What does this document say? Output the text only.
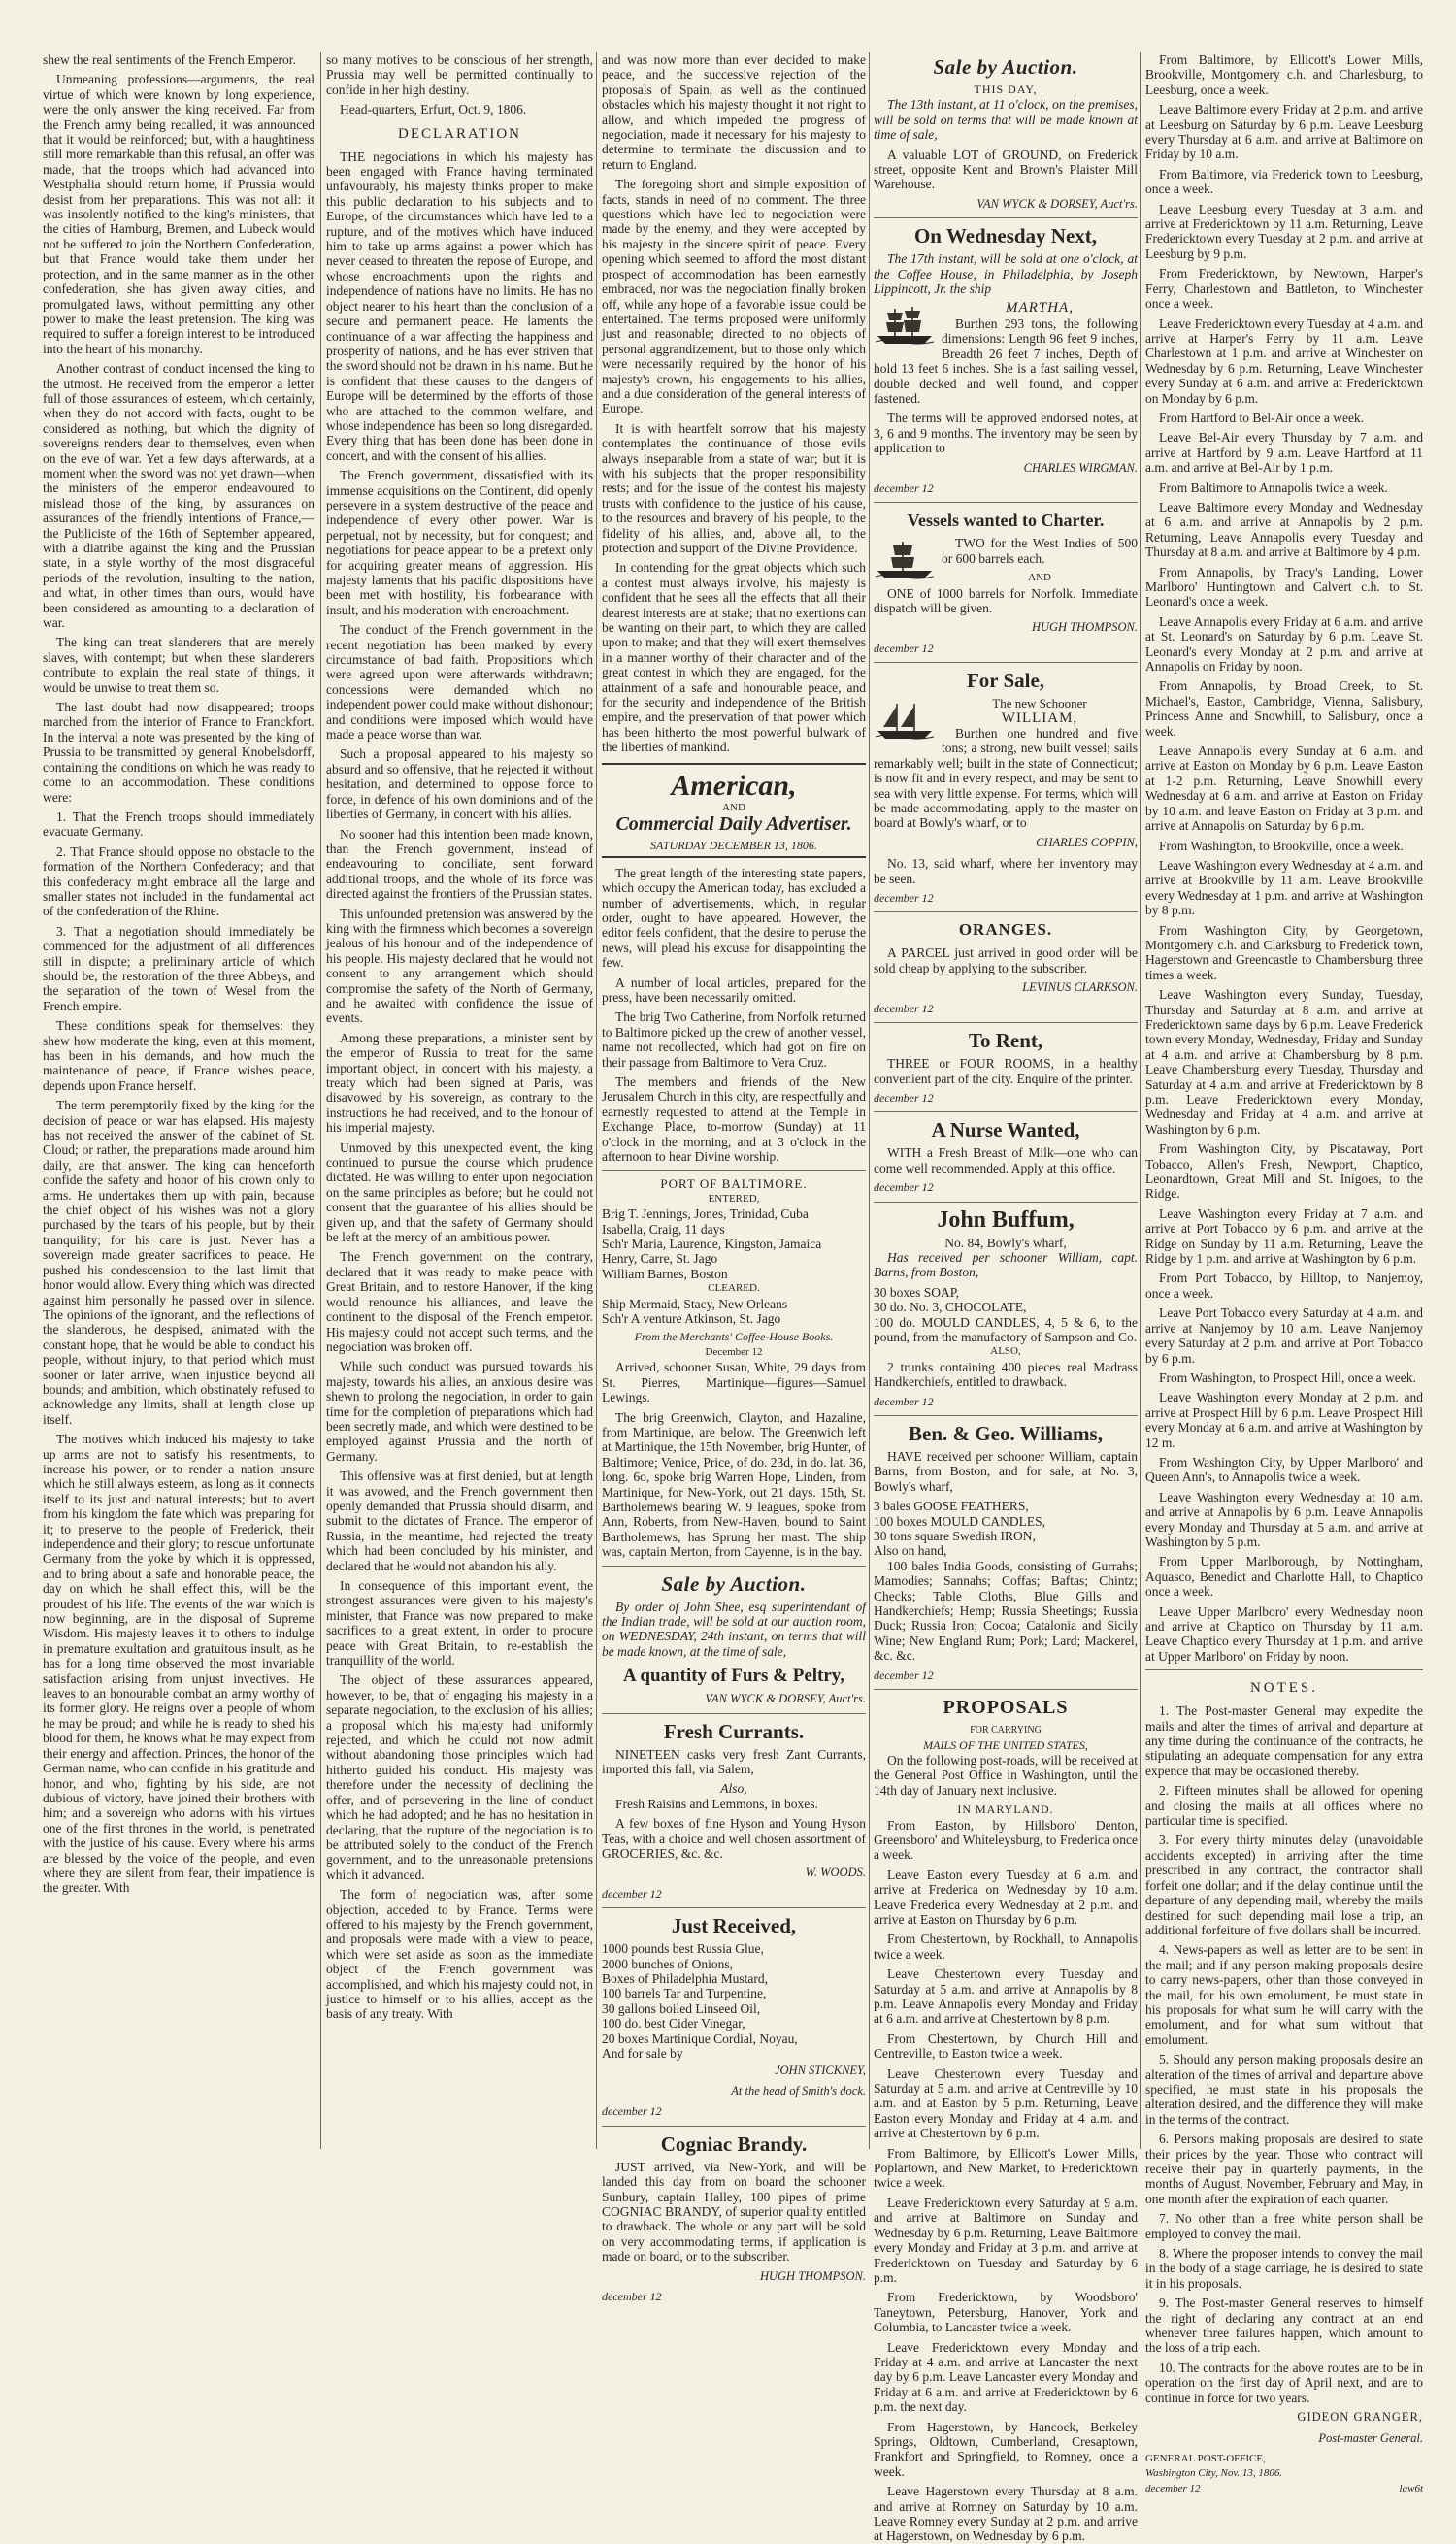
shew the real sentiments of the French Emperor.

Unmeaning professions—arguments, the real virtue of which were known by long experience, were the only answer the king received. Far from the French army being recalled, it was announced that it would be reinforced; but, with a haughtiness still more remarkable than this refusal, an offer was made, that the troops which had advanced into Westphalia should return home, if Prussia would desist from her preparations. This was not all: it was insolently notified to the king's ministers, that the cities of Hamburg, Bremen, and Lubeck would not be suffered to join the Northern Confederation, but that France would take them under her protection, and in the same manner as in the other confederation, she has given away cities, and promulgated laws, without permitting any other power to make the least pretension. The king was required to suffer a foreign interest to be introduced into the heart of his monarchy.

Another contrast of conduct incensed the king to the utmost. He received from the emperor a letter full of those assurances of esteem, which certainly, when they do not accord with facts, ought to be considered as nothing, but which the dignity of sovereigns renders dear to themselves, even when on the eve of war. Yet a few days afterwards, at a moment when the sword was not yet drawn—when the ministers of the emperor endeavoured to mislead those of the king, by assurances on assurances of the friendly intentions of France,—the Publiciste of the 16th of September appeared, with a diatribe against the king and the Prussian state, in a style worthy of the most disgraceful periods of the revolution, insulting to the nation, and what, in other times than ours, would have been considered as amounting to a declaration of war.

The king can treat slanderers that are merely slaves, with contempt; but when these slanderers contribute to explain the real state of things, it would be unwise to treat them so.

The last doubt had now disappeared; troops marched from the interior of France to Franckfort. In the interval a note was presented by the king of Prussia to be transmitted by general Knobelsdorff, containing the conditions on which he was ready to come to an accommodation. These conditions were:

1. That the French troops should immediately evacuate Germany.

2. That France should oppose no obstacle to the formation of the Northern Confederacy; and that this confederacy might embrace all the large and smaller states not included in the fundamental act of the confederation of the Rhine.

3. That a negotiation should immediately be commenced for the adjustment of all differences still in dispute; a preliminary article of which should be, the restoration of the three Abbeys, and the separation of the town of Wesel from the French empire.

These conditions speak for themselves: they shew how moderate the king, even at this moment, has been in his demands, and how much the maintenance of peace, if France wishes peace, depends upon France herself.

The term peremptorily fixed by the king for the decision of peace or war has elapsed. His majesty has not received the answer of the cabinet of St. Cloud; or rather, the preparations made around him daily, are that answer. The king can henceforth confide the safety and honor of his crown only to arms. He undertakes them up with pain, because the chief object of his wishes was not a glory purchased by the tears of his people, but by their tranquility; for his care is just. Never has a sovereign made greater sacrifices to peace. He pushed his condescension to the last limit that honor would allow. Every thing which was directed against him personally he passed over in silence. The opinions of the ignorant, and the reflections of the slanderous, he despised, animated with the constant hope, that he would be able to conduct his people, without injury, to that period which must sooner or later arrive, when injustice beyond all bounds; and ambition, which obstinately refused to acknowledge any limits, shall at length close up itself.

The motives which induced his majesty to take up arms are not to satisfy his resentments, to increase his power, or to render a nation unsure which he still always esteem, as long as it connects itself to its just and natural interests; but to avert from his kingdom the fate which was preparing for it; to preserve to the people of Frederick, their independence and their glory; to rescue unfortunate Germany from the yoke by which it is oppressed, and to bring about a safe and honorable peace, the day on which he shall effect this, will be the proudest of his life. The events of the war which is now beginning, are in the disposal of Supreme Wisdom. His majesty leaves it to others to indulge in premature exultation and gratuitous insult, as he has for a long time observed the most invariable satisfaction arising from unjust invectives. He leaves to an honourable combat an army worthy of its former glory. He reigns over a people of whom he may be proud; and while he is ready to shed his blood for them, he knows what he may expect from their energy and affection. Princes, the honor of the German name, who can confide in his gratitude and honor, and who, fighting by his side, are not dubious of victory, have joined their brothers with him; and a sovereign who adorns with his virtues one of the first thrones in the world, is penetrated with the justice of his cause. Every where his arms are blessed by the voice of the people, and even where they are silent from fear, their impatience is the greater. With

so many motives to be conscious of her strength, Prussia may well be permitted continually to confide in her high destiny.

Head-quarters, Erfurt, Oct. 9, 1806.

DECLARATION

THE negociations in which his majesty has been engaged with France having terminated unfavourably, his majesty thinks proper to make this public declaration to his subjects and to Europe, of the circumstances which have led to a rupture, and of the motives which have induced him to take up arms against a power which has never ceased to threaten the repose of Europe, and whose encroachments upon the rights and independence of nations have no limits. He has no object nearer to his heart than the conclusion of a secure and permanent peace. He laments the continuance of a war affecting the happiness and prosperity of nations, and he has ever striven that the sword should not be drawn in his name. But he is confident that these causes to the dangers of Europe will be determined by the efforts of those who are attached to the common welfare, and whose independence has been so long disregarded. Every thing that has been done has been done in concert, and with the consent of his allies.

The French government, dissatisfied with its immense acquisitions on the Continent, did openly persevere in a system destructive of the peace and independence of every other power. War is perpetual, not by necessity, but for conquest; and negotiations for peace appear to be a pretext only for acquiring greater means of aggression. His majesty laments that his pacific dispositions have been met with hostility, his forbearance with insult, and his moderation with encroachment.

The conduct of the French government in the recent negotiation has been marked by every circumstance of bad faith. Propositions which were agreed upon were afterwards withdrawn; concessions were demanded which no independent power could make without dishonour; and conditions were imposed which would have made a peace worse than war.

Such a proposal appeared to his majesty so absurd and so offensive, that he rejected it without hesitation, and determined to oppose force to force, in defence of his own dominions and of the liberties of Germany, in concert with his allies.

No sooner had this intention been made known, than the French government, instead of endeavouring to conciliate, sent forward additional troops, and the whole of its force was directed against the frontiers of the Prussian states.

This unfounded pretension was answered by the king with the firmness which becomes a sovereign jealous of his honour and of the independence of his people. His majesty declared that he would not consent to any arrangement which should compromise the safety of the North of Germany, and he awaited with confidence the issue of events.

Among these preparations, a minister sent by the emperor of Russia to treat for the same important object, in concert with his majesty, a treaty which had been signed at Paris, was disavowed by his sovereign, as contrary to the instructions he had received, and to the honour of his imperial majesty.

Unmoved by this unexpected event, the king continued to pursue the course which prudence dictated. He was willing to enter upon negociation on the same principles as before; but he could not consent that the guarantee of his allies should be given up, and that the safety of Germany should be left at the mercy of an ambitious power.

The French government on the contrary, declared that it was ready to make peace with Great Britain, and to restore Hanover, if the king would renounce his alliances, and leave the continent to the disposal of the French emperor. His majesty could not accept such terms, and the negociation was broken off.

While such conduct was pursued towards his majesty, towards his allies, an anxious desire was shewn to prolong the negociation, in order to gain time for the completion of preparations which had been secretly made, and which were destined to be employed against Prussia and the north of Germany.

This offensive was at first denied, but at length it was avowed, and the French government then openly demanded that Prussia should disarm, and submit to the dictates of France. The emperor of Russia, in the meantime, had rejected the treaty which had been concluded by his minister, and declared that he would not abandon his ally.

In consequence of this important event, the strongest assurances were given to his majesty's minister, that France was now prepared to make sacrifices to a great extent, in order to procure peace with Great Britain, to re-establish the tranquillity of the world.

The object of these assurances appeared, however, to be, that of engaging his majesty in a separate negociation, to the exclusion of his allies; a proposal which his majesty had uniformly rejected, and which he could not now admit without abandoning those principles which had hitherto guided his conduct. His majesty was therefore under the necessity of declining the offer, and of persevering in the line of conduct which he had adopted; and he has no hesitation in declaring, that the rupture of the negociation is to be attributed solely to the conduct of the French government, and to the unreasonable pretensions which it advanced.

The form of negociation was, after some objection, acceded to by France. Terms were offered to his majesty by the French government, and proposals were made with a view to peace, which were set aside as soon as the immediate object of the French government was accomplished, and which his majesty could not, in justice to himself or to his allies, accept as the basis of any treaty. With

and was now more than ever decided to make peace, and the successive rejection of the proposals of Spain, as well as the continued obstacles which his majesty thought it not right to allow, and which impeded the progress of negociation, made it necessary for his majesty to determine to terminate the discussion and to return to England.

The foregoing short and simple exposition of facts, stands in need of no comment. The three questions which have led to negociation were made by the enemy, and they were accepted by his majesty in the sincere spirit of peace. Every opening which seemed to afford the most distant prospect of accommodation has been earnestly embraced, nor was the negociation finally broken off, while any hope of a favorable issue could be entertained. The terms proposed were uniformly just and reasonable; directed to no objects of personal aggrandizement, but to those only which were necessarily required by the honor of his majesty's crown, his engagements to his allies, and a due consideration of the general interests of Europe.

It is with heartfelt sorrow that his majesty contemplates the continuance of those evils always inseparable from a state of war; but it is with his subjects that the proper responsibility rests; and for the issue of the contest his majesty trusts with confidence to the justice of his cause, to the resources and bravery of his people, to the fidelity of his allies, and, above all, to the protection and support of the Divine Providence.

In contending for the great objects which such a contest must always involve, his majesty is confident that he sees all the effects that all their dearest interests are at stake; that no exertions can be wanting on their part, to which they are called upon to make; and that they will exert themselves in a manner worthy of their character and of the great contest in which they are engaged, for the attainment of a safe and honourable peace, and for the security and independence of the British empire, and the preservation of that power which has been hitherto the most powerful bulwark of the liberties of mankind.

American,
AND
Commercial Daily Advertiser.
SATURDAY DECEMBER 13, 1806.

The great length of the interesting state papers, which occupy the American today, has excluded a number of advertisements, which, in regular order, ought to have appeared. However, the editor feels confident, that the desire to peruse the news, will plead his excuse for disappointing the few.

A number of local articles, prepared for the press, have been necessarily omitted.

The brig Two Catherine, from Norfolk returned to Baltimore picked up the crew of another vessel, name not recollected, which had got on fire on their passage from Baltimore to Vera Cruz.

The members and friends of the New Jerusalem Church in this city, are respectfully and earnestly requested to attend at the Temple in Exchange Place, to-morrow (Sunday) at 11 o'clock in the morning, and at 3 o'clock in the afternoon to hear Divine worship.

PORT OF BALTIMORE.
ENTERED,
Brig T. Jennings, Jones, Trinidad, Cuba
Isabella, Craig, 11 days
Sch'r Maria, Laurence, Kingston, Jamaica
Henry, Carre, St. Jago
William Barnes, Boston
CLEARED.
Ship Mermaid, Stacy, New Orleans
Sch'r A venture Atkinson, St. Jago
From the Merchants' Coffee-House Books.
December 12

Arrived, schooner Susan, White, 29 days from St. Pierres, Martinique—figures—Samuel Lewings.

The brig Greenwich, Clayton, and Hazaline, from Martinique, are below. The Greenwich left at Martinique, the 15th November, brig Hunter, of Baltimore; Venice, Price, of do. 23d, in do. lat. 36, long. 6o, spoke brig Warren Hope, Linden, from Martinique, for New-York, out 21 days. 15th, St. Bartholemews bearing W. 9 leagues, spoke from Ann, Roberts, from New-Haven, bound to Saint Bartholemews, has Sprung her mast. The ship was, captain Merton, from Cayenne, is in the bay.

Sale by Auction.

By order of John Shee, esq superintendant of the Indian trade, will be sold at our auction room, on WEDNESDAY, 24th instant, on terms that will be made known, at the time of sale,

A quantity of Furs & Peltry,
VAN WYCK & DORSEY, Auct'rs.
Fresh Currants.

NINETEEN casks very fresh Zant Currants, imported this fall, via Salem,

Also,

Fresh Raisins and Lemmons, in boxes.

A few boxes of fine Hyson and Young Hyson Teas, with a choice and well chosen assortment of GROCERIES, &c. &c.

W. WOODS.
december 12
Just Received,
1000 pounds best Russia Glue,
2000 bunches of Onions,
Boxes of Philadelphia Mustard,
100 barrels Tar and Turpentine,
30 gallons boiled Linseed Oil,
100 do. best Cider Vinegar,
20 boxes Martinique Cordial, Noyau,
And for sale by
JOHN STICKNEY,
At the head of Smith's dock.
december 12
Cogniac Brandy.

JUST arrived, via New-York, and will be landed this day from on board the schooner Sunbury, captain Halley, 100 pipes of prime COGNIAC BRANDY, of superior quality entitled to drawback. The whole or any part will be sold on very accommodating terms, if application is made on board, or to the subscriber.

HUGH THOMPSON.
december 12
Sale by Auction.
THIS DAY,

The 13th instant, at 11 o'clock, on the premises, will be sold on terms that will be made known at time of sale,

A valuable LOT of GROUND, on Frederick street, opposite Kent and Brown's Plaister Mill Warehouse.

VAN WYCK & DORSEY, Auct'rs.
On Wednesday Next,

The 17th instant, will be sold at one o'clock, at the Coffee House, in Philadelphia, by Joseph Lippincott, Jr. the ship

MARTHA,

Burthen 293 tons, the following dimensions: Length 96 feet 9 inches, Breadth 26 feet 7 inches, Depth of hold 13 feet 6 inches. She is a fast sailing vessel, double decked and well found, and copper fastened.

The terms will be approved endorsed notes, at 3, 6 and 9 months. The inventory may be seen by application to

CHARLES WIRGMAN.
december 12
Vessels wanted to Charter.

TWO for the West Indies of 500 or 600 barrels each.

AND

ONE of 1000 barrels for Norfolk. Immediate dispatch will be given.

HUGH THOMPSON.
december 12
For Sale,
The new Schooner
WILLIAM,

Burthen one hundred and five tons; a strong, new built vessel; sails remarkably well; built in the state of Connecticut; is now fit and in every respect, and may be sent to sea with very little expense. For terms, which will be made accommodating, apply to the master on board at Bowly's wharf, or to

CHARLES COPPIN,

No. 13, said wharf, where her inventory may be seen.

december 12
ORANGES.

A PARCEL just arrived in good order will be sold cheap by applying to the subscriber.

LEVINUS CLARKSON.
december 12
To Rent,

THREE or FOUR ROOMS, in a healthy convenient part of the city. Enquire of the printer.

december 12
A Nurse Wanted,

WITH a Fresh Breast of Milk—one who can come well recommended. Apply at this office.

december 12
John Buffum,
No. 84, Bowly's wharf,

Has received per schooner William, capt. Barns, from Boston,

30 boxes SOAP,
30 do. No. 3, CHOCOLATE,
100 do. MOULD CANDLES, 4, 5 & 6, to the pound, from the manufactory of Sampson and Co.
ALSO,

2 trunks containing 400 pieces real Madrass Handkerchiefs, entitled to drawback.

december 12
Ben. & Geo. Williams,

HAVE received per schooner William, captain Barns, from Boston, and for sale, at No. 3, Bowly's wharf,

3 bales GOOSE FEATHERS,
100 boxes MOULD CANDLES,
30 tons square Swedish IRON,
Also on hand,

100 bales India Goods, consisting of Gurrahs; Mamodies; Sannahs; Coffas; Baftas; Chintz; Checks; Table Cloths, Blue Gills and Handkerchiefs; Hemp; Russia Sheetings; Russia Duck; Russia Iron; Cocoa; Catalonia and Sicily Wine; New England Rum; Pork; Lard; Mackerel, &c. &c.

december 12
PROPOSALS
FOR CARRYING
MAILS OF THE UNITED STATES,

On the following post-roads, will be received at the General Post Office in Washington, until the 14th day of January next inclusive.

IN MARYLAND.

From Easton, by Hillsboro' Denton, Greensboro' and Whiteleysburg, to Frederica once a week.

Leave Easton every Tuesday at 6 a.m. and arrive at Frederica on Wednesday by 10 a.m. Leave Frederica every Wednesday at 2 p.m. and arrive at Easton on Thursday by 6 p.m.

From Chestertown, by Rockhall, to Annapolis twice a week.

Leave Chestertown every Tuesday and Saturday at 5 a.m. and arrive at Annapolis by 8 p.m. Leave Annapolis every Monday and Friday at 6 a.m. and arrive at Chestertown by 8 p.m.

From Chestertown, by Church Hill and Centreville, to Easton twice a week.

Leave Chestertown every Tuesday and Saturday at 5 a.m. and arrive at Centreville by 10 a.m. and at Easton by 5 p.m. Returning, Leave Easton every Monday and Friday at 4 a.m. and arrive at Chestertown by 6 p.m.

From Baltimore, by Ellicott's Lower Mills, Poplartown, and New Market, to Fredericktown twice a week.

Leave Fredericktown every Saturday at 9 a.m. and arrive at Baltimore on Sunday and Wednesday by 6 p.m. Returning, Leave Baltimore every Monday and Friday at 3 p.m. and arrive at Fredericktown on Tuesday and Saturday by 6 p.m.

From Fredericktown, by Woodsboro' Taneytown, Petersburg, Hanover, York and Columbia, to Lancaster twice a week.

Leave Fredericktown every Monday and Friday at 4 a.m. and arrive at Lancaster the next day by 6 p.m. Leave Lancaster every Monday and Friday at 6 a.m. and arrive at Fredericktown by 6 p.m. the next day.

From Hagerstown, by Hancock, Berkeley Springs, Oldtown, Cumberland, Cresaptown, Frankfort and Springfield, to Romney, once a week.

Leave Hagerstown every Thursday at 8 a.m. and arrive at Romney on Saturday by 10 a.m. Leave Romney every Sunday at 2 p.m. and arrive at Hagerstown, on Wednesday by 6 p.m.

From Baltimore, by Ellicott's Lower Mills, Brookville, Montgomery c.h. and Charlesburg, to Leesburg, once a week.

Leave Baltimore every Friday at 2 p.m. and arrive at Leesburg on Saturday by 6 p.m. Leave Leesburg every Thursday at 6 a.m. and arrive at Baltimore on Friday by 10 a.m.

From Baltimore, via Frederick town to Leesburg, once a week.

Leave Leesburg every Tuesday at 3 a.m. and arrive at Fredericktown by 11 a.m. Returning, Leave Fredericktown every Tuesday at 2 p.m. and arrive at Leesburg by 9 p.m.

From Fredericktown, by Newtown, Harper's Ferry, Charlestown and Battleton, to Winchester once a week.

Leave Fredericktown every Tuesday at 4 a.m. and arrive at Harper's Ferry by 11 a.m. Leave Charlestown at 1 p.m. and arrive at Winchester on Wednesday by 6 p.m. Returning, Leave Winchester every Sunday at 6 a.m. and arrive at Fredericktown on Monday by 6 p.m.

From Hartford to Bel-Air once a week.

Leave Bel-Air every Thursday by 7 a.m. and arrive at Hartford by 9 a.m. Leave Hartford at 11 a.m. and arrive at Bel-Air by 1 p.m.

From Baltimore to Annapolis twice a week.

Leave Baltimore every Monday and Wednesday at 6 a.m. and arrive at Annapolis by 2 p.m. Returning, Leave Annapolis every Tuesday and Thursday at 8 a.m. and arrive at Baltimore by 4 p.m.

From Annapolis, by Tracy's Landing, Lower Marlboro' Huntingtown and Calvert c.h. to St. Leonard's once a week.

Leave Annapolis every Friday at 6 a.m. and arrive at St. Leonard's on Saturday by 6 p.m. Leave St. Leonard's every Monday at 2 p.m. and arrive at Annapolis on Friday by noon.

From Annapolis, by Broad Creek, to St. Michael's, Easton, Cambridge, Vienna, Salisbury, Princess Anne and Snowhill, to Salisbury, once a week.

Leave Annapolis every Sunday at 6 a.m. and arrive at Easton on Monday by 6 p.m. Leave Easton at 1-2 p.m. Returning, Leave Snowhill every Wednesday at 6 a.m. and arrive at Easton on Friday by 10 a.m. and leave Easton on Friday at 3 p.m. and arrive at Annapolis on Saturday by 6 p.m.

From Washington, to Brookville, once a week.

Leave Washington every Wednesday at 4 a.m. and arrive at Brookville by 11 a.m. Leave Brookville every Wednesday at 1 p.m. and arrive at Washington by 8 p.m.

From Washington City, by Georgetown, Montgomery c.h. and Clarksburg to Frederick town, Hagerstown and Greencastle to Chambersburg three times a week.

Leave Washington every Sunday, Tuesday, Thursday and Saturday at 8 a.m. and arrive at Fredericktown same days by 6 p.m. Leave Frederick town every Monday, Wednesday, Friday and Sunday at 4 a.m. and arrive at Chambersburg by 8 p.m. Leave Chambersburg every Tuesday, Thursday and Saturday at 4 a.m. and arrive at Fredericktown by 8 p.m. Leave Fredericktown every Monday, Wednesday and Friday at 4 a.m. and arrive at Washington by 6 p.m.

From Washington City, by Piscataway, Port Tobacco, Allen's Fresh, Newport, Chaptico, Leonardtown, Great Mill and St. Inigoes, to the Ridge.

Leave Washington every Friday at 7 a.m. and arrive at Port Tobacco by 6 p.m. and arrive at the Ridge on Sunday by 11 a.m. Returning, Leave the Ridge by 1 p.m. and arrive at Washington by 6 p.m.

From Port Tobacco, by Hilltop, to Nanjemoy, once a week.

Leave Port Tobacco every Saturday at 4 a.m. and arrive at Nanjemoy by 10 a.m. Leave Nanjemoy every Saturday at 2 p.m. and arrive at Port Tobacco by 6 p.m.

From Washington, to Prospect Hill, once a week.

Leave Washington every Monday at 2 p.m. and arrive at Prospect Hill by 6 p.m. Leave Prospect Hill every Monday at 6 a.m. and arrive at Washington by 12 m.

From Washington City, by Upper Marlboro' and Queen Ann's, to Annapolis twice a week.

Leave Washington every Wednesday at 10 a.m. and arrive at Annapolis by 6 p.m. Leave Annapolis every Monday and Thursday at 5 a.m. and arrive at Washington by 5 p.m.

From Upper Marlborough, by Nottingham, Aquasco, Benedict and Charlotte Hall, to Chaptico once a week.

Leave Upper Marlboro' every Wednesday noon and arrive at Chaptico on Thursday by 11 a.m. Leave Chaptico every Thursday at 1 p.m. and arrive at Upper Marlboro' on Friday by noon.

NOTES.

1. The Post-master General may expedite the mails and alter the times of arrival and departure at any time during the continuance of the contracts, he stipulating an adequate compensation for any extra expence that may be occasioned thereby.

2. Fifteen minutes shall be allowed for opening and closing the mails at all offices where no particular time is specified.

3. For every thirty minutes delay (unavoidable accidents excepted) in arriving after the time prescribed in any contract, the contractor shall forfeit one dollar; and if the delay continue until the departure of any depending mail, whereby the mails destined for such depending mail lose a trip, an additional forfeiture of five dollars shall be incurred.

4. News-papers as well as letter are to be sent in the mail; and if any person making proposals desire to carry news-papers, other than those conveyed in the mail, for his own emolument, he must state in his proposals for what sum he will carry with the emolument, and for what sum without that emolument.

5. Should any person making proposals desire an alteration of the times of arrival and departure above specified, he must state in his proposals the alteration desired, and the difference they will make in the terms of the contract.

6. Persons making proposals are desired to state their prices by the year. Those who contract will receive their pay in quarterly payments, in the months of August, November, February and May, in one month after the expiration of each quarter.

7. No other than a free white person shall be employed to convey the mail.

8. Where the proposer intends to convey the mail in the body of a stage carriage, he is desired to state it in his proposals.

9. The Post-master General reserves to himself the right of declaring any contract at an end whenever three failures happen, which amount to the loss of a trip each.

10. The contracts for the above routes are to be in operation on the first day of April next, and are to continue in force for two years.

GIDEON GRANGER,
Post-master General.
GENERAL POST-OFFICE,
Washington City, Nov. 13, 1806.
december 12	law6t
